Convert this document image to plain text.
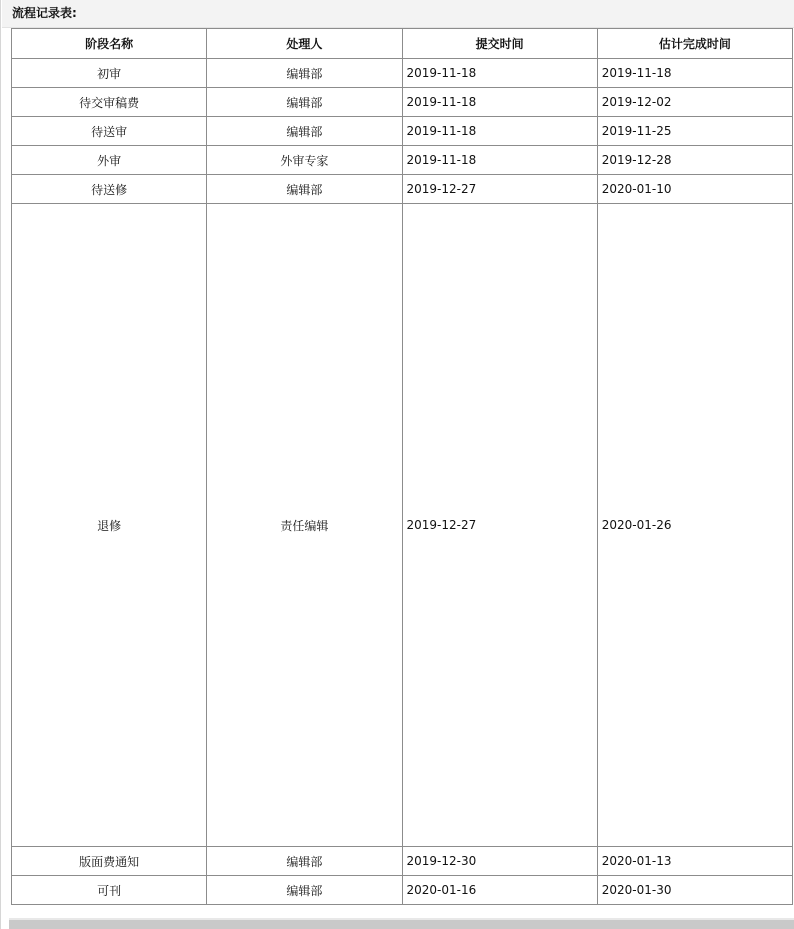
流程记录表:
阶段名称	处理人	提交时间	估计完成时间
初审	编辑部	2019-11-18	2019-11-18
待交审稿费	编辑部	2019-11-18	2019-12-02
待送审	编辑部	2019-11-18	2019-11-25
外审	外审专家	2019-11-18	2019-12-28
待送修	编辑部	2019-12-27	2020-01-10
退修	责任编辑	2019-12-27	2020-01-26
版面费通知	编辑部	2019-12-30	2020-01-13
可刊	编辑部	2020-01-16	2020-01-30
